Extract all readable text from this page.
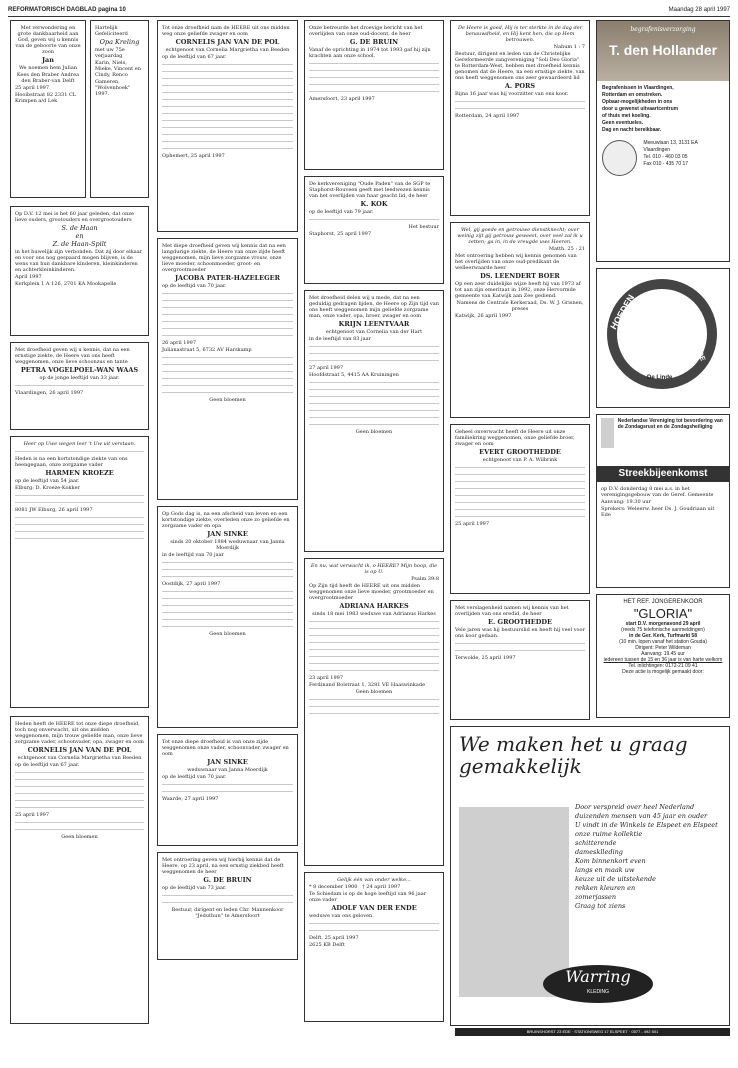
REFORMATORISCH DAGBLAD pagina 10	Maandag 28 april 1997
Met verwondering en grote dankbaarheid aan God, geven wij u kennis van de geboorte van onze zoon
Jan
We noemen hem Julian
Kees den Braber Andrea den Braber-van Delft
25 april 1997
Hooibstraat 82 2331 CL Krimpen a/d Lek
Op D.V. 12 mei is het 60 jaar geleden, dat onze lieve ouders, grootouders en overgrootouders
S. de Haan
en
Z. de Haan-Spilt
in het huwelijk zijn verbonden. Dat zij door elkaar en voor ons nog gespaard mogen blijven, is de wens van hun dankbare kinderen, kleinkinderen en achterkleinkinderen.
April 1997
Kerkplein 1 A 126, 2701 KA Mookapelle
Met droefheid geven wij u kennis, dat na een ernstige ziekte, de Heere van ons heeft weggenomen, onze lieve schoonzus en tante
PETRA VOGELPOEL-WAN WAAS
op de jonge leeftijd van 33 jaar.
Vlaardingen, 26 april 1997
Heer op Uwe wegen leer 't Uw uit verstaan.
Heden is na een kortstondige ziekte van ons heengegaan, onze zorgzame vader
HARMEN KROEZE
op de leeftijd van 54 jaar.
Elburg: D. Kroeze-Kokker
8081 JW Elburg, 26 april 1997
Heden heeft de HEERE tot onze diepe droefheid, toch nog onverwacht, uit ons midden weggenomen, mijn trouw geliefde man, onze lieve zorgzame vader, schoonvader, opa, zwager en oom
CORNELIS JAN VAN DE POL
echtgenoot van Cornelia Margrietha van Beeden
op de leeftijd van 67 jaar.
25 april 1997
Geen bloemen
Hartelijk Gefeliciteerd
Opa Kreling
met uw 75e verjaardag
Karin, Niels, Mieke, Vincent en Cindy, Renco
Gameren, "Wolvenhoek" 1997.
Tot onze droefheid nam de HEERE uit ons midden weg onze geliefde zwager en oom
CORNELIS JAN VAN DE POL
echtgenoot van Cornelia Margrietha van Beeden
op de leeftijd van 67 jaar.
Ophemert, 25 april 1997
Met diepe droefheid geven wij kennis dat na een langdurige ziekte, de Heere van onze zijde heeft weggenomen, mijn lieve zorgzame vrouw, onze lieve moeder, schoonmoeder, groot- en overgrootmoeder
JACOBA PATER-HAZELEGER
op de leeftijd van 70 jaar.
26 april 1997
Julianastraat 5, 6732 AV Harskamp
Geen bloemen
Op Gods dag is, na een afscheid van leven en een kortstondige ziekte, overleden onze zo geliefde en zorgzame vader en opa
JAN SINKE
sinds 20 oktober 1984 weduwnaar van Janna Moerdijk
in de leeftijd van 70 jaar
Oostdijk, 27 april 1997
Geen bloemen
Tot onze diepe droefheid is van onze zijde weggenomen onze vader, schoonvader, zwager en oom
JAN SINKE
weduwnaar van Janna Moerdijk
op de leeftijd van 70 jaar.
Waarde, 27 april 1997
Met ontroering geven wij hierbij kennis dat de Heere, op 23 april, na een ernstig ziekbed heeft weggenomen de heer
G. DE BRUIN
op de leeftijd van 73 jaar.
Bestuur, dirigent en leden Chr. Mannenkoor "Jeduthun" te Amersfoort
Onze betreurde het droevige bericht van het overlijden van onze oud-docent, de heer
G. DE BRUIN
Vanaf de oprichting in 1974 tot 1993 gaf hij zijn krachten aan onze school.
Amersfoort, 23 april 1997
De kerkvereniging "Oude Paden" van de SGP te Staphorst-Rouveen geeft met leedwezen kennis van het overlijden van haar geacht lid, de heer
K. KOK
op de leeftijd van 79 jaar.
Het bestuur
Staphorst, 25 april 1997
Met droefheid delen wij u mede, dat na een geduldig gedragen lijden, de Heere op Zijn tijd van ons heeft weggenomen mijn geliefde zorgzame man, onze vader, opa, broer, zwager en oom
KRIJN LEENTVAAR
echtgenoot van Cornelia van der Hart
in de leeftijd van 83 jaar
27 april 1997
Hoofdstraat 5, 4415 AA Kruiningen
Geen bloemen
En nu, wat verwacht ik, o HEERE? Mijn hoop, die is op U.
Psalm 39:8
Op Zijn tijd heeft de HEERE uit ons midden weggenomen onze lieve moeder, grootmoeder en overgrootmoeder
ADRIANA HARKES
sinds 18 mei 1983 weduwe van Adrianus Harkes
23 april 1997
Ferdinand Bolstraat 1, 3281 VE Haaswinkade
Geen bloemen
Gelijk één van onder welke...
* 8 december 1900 † 24 april 1997
Te Schiedam is op de hoge leeftijd van 96 jaar onze vader
ADOLF VAN DER ENDE
weduwe van ons geloven.
Delft, 25 april 1997
2625 KB Delft
De Heere is goed, Hij is ter sterkte in de dag der benauwdheid, en Hij kent hen, die op Hem betrouwen.
Nahum 1 : 7
Bestuur, dirigent en leden van de Christelijke Gereformeerde zangvereniging "Soli Deo Gloria" te Rotterdam-West, hebben met droefheid kennis genomen dat de Heere, na een ernstige ziekte, van ons heeft weggenomen ons zeer gewaardeerd lid
A. PORS
Bijna 16 jaar was hij voorzitter van ons koor.
Rotterdam, 24 april 1997
Wel, gij goede en getrouwe dienstknecht; over weinig zijt gij getrouw geweest, over veel zal ik u zetten; ga in, in de vreugde uws Heeren.
Matth. 25 : 21
Met ontroering hebben wij kennis genomen van het overlijden van onze oud-predikant de welleerwaarde heer
DS. LEENDERT BOER
Op een zeer duidelijke wijze heeft hij van 1973 af tot aan zijn emeritaat in 1992, onze Hervormde gemeente van Katwijk aan Zee gediend.
Namens de Centrale Kerkeraad, Ds. W. J. Grisnen, preses
Katwijk, 26 april 1997
Geheel onverwacht heeft de Heere uit onze familiekring weggenomen, onze geliefde broer, zwager en oom
EVERT GROOTHEDDE
echtgenoot van P. A. Wilbrink
25 april 1997
Met verslagenheid namen wij kennis van het overlijden van ons eredid, de heer
E. GROOTHEDDE
Vele jaren was hij bestuurslid en heeft hij veel voor ons koor gedaan.
Terwolde, 25 april 1997
begrafenisverzorging
T. den Hollander
Begrafenissen in Vlaardingen,
Rotterdam en omstreken.
Opbaar-mogelijkheden in ons
door u gewenst uitvaartcentrum
of thuis met koeling.
Geen eventueles.
Dag en nacht bereikbaar.
Meeuwlaan 13, 3131 EA Vlaardingen
Tel. 010 - 460 03 05
Fax 010 - 435 70 17
HOEDEN
BEENMODE
De Linde
Nederlandse Vereniging tot bevordering van de Zondagsrust en de Zondagsheiliging
Streekbijeenkomst
op D.V. donderdag 8 mei a.s. in het verenigingsgebouw van de Geref. Gemeente
Aanvang: 19.30 uur
Sprekers: Weleerw. heer Ds. J. Goudriaan uit Ede
HET REF. JONGERENKOOR
"GLORIA"
start D.V. morgenavond 29 april
(reeds 75 telefonische aanmeldingen)
in de Ger. Kerk, Turfmarkt 58
(10 min. lopen vanaf het station Gouda)
Dirigent: Peter Wildeman
Aanvang: 19.45 uur
iedereen tussen de 15 en 36 jaar is van harte welkom
Tel. inlichtingen: 0172-21 09 41
Deze actie is mogelijk gemaakt door:
We maken het u graag gemakkelijk
Door verspreid over heel Nederland
duizenden mensen van 45 jaar en ouder
U vindt in de Winkels te Elspeet en Elspeet
onze ruime kollektie
schitterende
damesklleding
Kom binnenkort even
langs en maak uw
keuze uit de uitstekende
rekken kleuren en
zomerjassen
Graag tot ziens
Warring
KLEDING
BRUINSHORST 23 EDE · STATIONSWEG 17 ELSPEET · 0577 - 492 501
